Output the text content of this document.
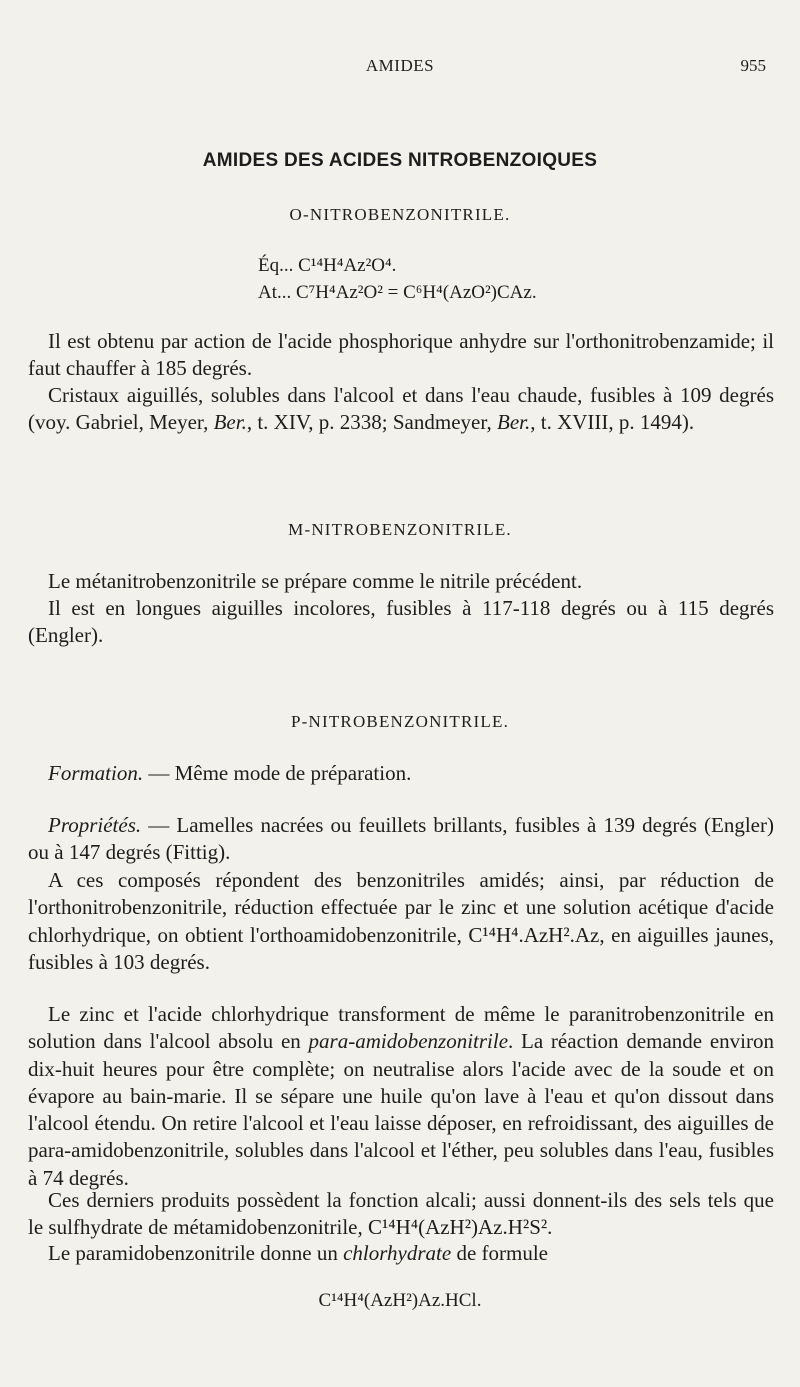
AMIDES	955
AMIDES DES ACIDES NITROBENZOIQUES
O-NITROBENZONITRILE.
Éq... C¹⁴H⁴Az²O⁴.
At... C⁷H⁴Az²O² = C⁶H⁴(AzO²)CAz.

Il est obtenu par action de l'acide phosphorique anhydre sur l'orthonitrobenzamide; il faut chauffer à 185 degrés.

Cristaux aiguillés, solubles dans l'alcool et dans l'eau chaude, fusibles à 109 degrés (voy. Gabriel, Meyer, Ber., t. XIV, p. 2338; Sandmeyer, Ber., t. XVIII, p. 1494).

M-NITROBENZONITRILE.

Le métanitrobenzonitrile se prépare comme le nitrile précédent.

Il est en longues aiguilles incolores, fusibles à 117-118 degrés ou à 115 degrés (Engler).

P-NITROBENZONITRILE.

Formation. — Même mode de préparation.

Propriétés. — Lamelles nacrées ou feuillets brillants, fusibles à 139 degrés (Engler) ou à 147 degrés (Fittig).

A ces composés répondent des benzonitriles amidés; ainsi, par réduction de l'orthonitrobenzonitrile, réduction effectuée par le zinc et une solution acétique d'acide chlorhydrique, on obtient l'orthoamidobenzonitrile, C¹⁴H⁴.AzH².Az, en aiguilles jaunes, fusibles à 103 degrés.

Le zinc et l'acide chlorhydrique transforment de même le paranitrobenzonitrile en solution dans l'alcool absolu en para-amidobenzonitrile. La réaction demande environ dix-huit heures pour être complète; on neutralise alors l'acide avec de la soude et on évapore au bain-marie. Il se sépare une huile qu'on lave à l'eau et qu'on dissout dans l'alcool étendu. On retire l'alcool et l'eau laisse déposer, en refroidissant, des aiguilles de para-amidobenzonitrile, solubles dans l'alcool et l'éther, peu solubles dans l'eau, fusibles à 74 degrés.

Ces derniers produits possèdent la fonction alcali; aussi donnent-ils des sels tels que le sulfhydrate de métamidobenzonitrile, C¹⁴H⁴(AzH²)Az.H²S².

Le paramidobenzonitrile donne un chlorhydrate de formule

C¹⁴H⁴(AzH²)Az.HCl.
